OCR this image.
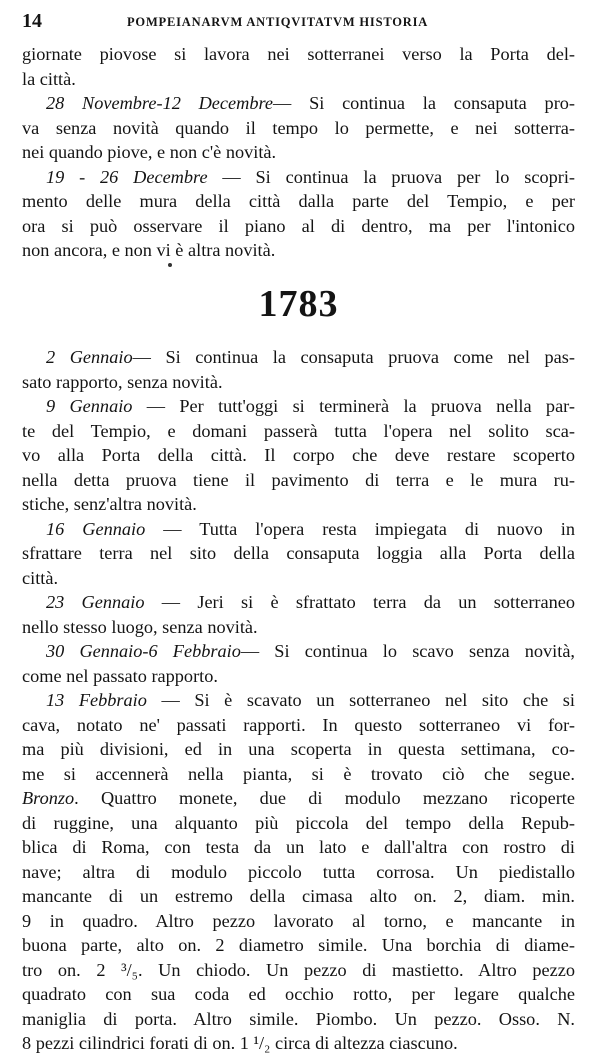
14	POMPEIANARVM ANTIQVITATVM HISTORIA
giornate piovose si lavora nei sotterranei verso la Porta del-
la città.
28 Novembre-12 Decembre— Si continua la consaputa pro-
va senza novità quando il tempo lo permette, e nei sotterra-
nei quando piove, e non c'è novità.
19 - 26 Decembre — Si continua la pruova per lo scopri-
mento delle mura della città dalla parte del Tempio, e per
ora si può osservare il piano al di dentro, ma per l'intonico
non ancora, e non vi è altra novità.
1783
2 Gennaio— Si continua la consaputa pruova come nel pas-
sato rapporto, senza novità.
9 Gennaio — Per tutt'oggi si terminerà la pruova nella par-
te del Tempio, e domani passerà tutta l'opera nel solito sca-
vo alla Porta della città. Il corpo che deve restare scoperto
nella detta pruova tiene il pavimento di terra e le mura ru-
stiche, senz'altra novità.
16 Gennaio — Tutta l'opera resta impiegata di nuovo in
sfrattare terra nel sito della consaputa loggia alla Porta della
città.
23 Gennaio — Jeri si è sfrattato terra da un sotterraneo
nello stesso luogo, senza novità.
30 Gennaio-6 Febbraio— Si continua lo scavo senza novità,
come nel passato rapporto.
13 Febbraio — Si è scavato un sotterraneo nel sito che si
cava, notato ne' passati rapporti. In questo sotterraneo vi for-
ma più divisioni, ed in una scoperta in questa settimana, co-
me si accennerà nella pianta, si è trovato ciò che segue.
Bronzo. Quattro monete, due di modulo mezzano ricoperte
di ruggine, una alquanto più piccola del tempo della Repub-
blica di Roma, con testa da un lato e dall'altra con rostro di
nave; altra di modulo piccolo tutta corrosa. Un piedistallo
mancante di un estremo della cimasa alto on. 2, diam. min.
9 in quadro. Altro pezzo lavorato al torno, e mancante in
buona parte, alto on. 2 diametro simile. Una borchia di diame-
tro on. 2 ³/₅. Un chiodo. Un pezzo di mastietto. Altro pezzo
quadrato con sua coda ed occhio rotto, per legare qualche
maniglia di porta. Altro simile. Piombo. Un pezzo. Osso. N.
8 pezzi cilindrici forati di on. 1 ¹/₂ circa di altezza ciascuno.
